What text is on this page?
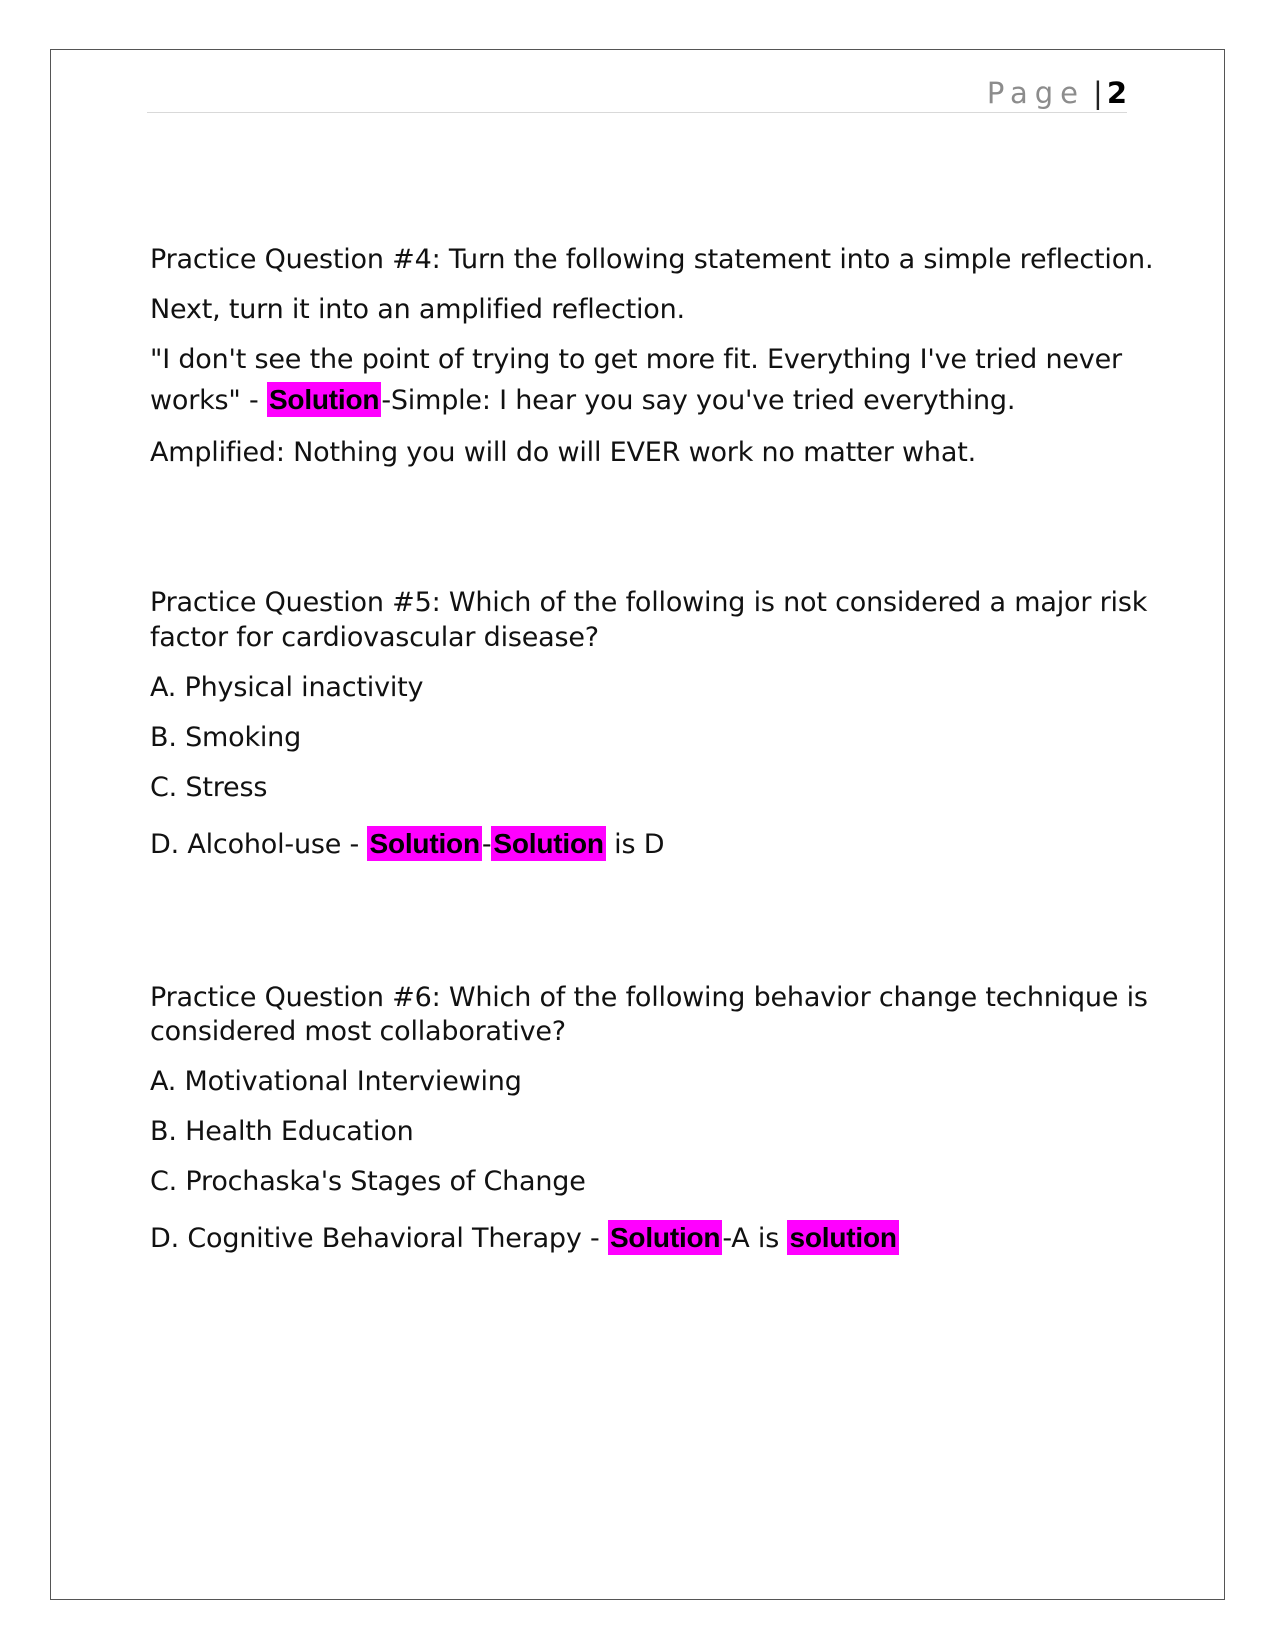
Page | 2
Practice Question #4: Turn the following statement into a simple reflection.
Next, turn it into an amplified reflection.
"I don't see the point of trying to get more fit. Everything I've tried never
works" - Solution-Simple: I hear you say you've tried everything.
Amplified: Nothing you will do will EVER work no matter what.
Practice Question #5: Which of the following is not considered a major risk
factor for cardiovascular disease?
A. Physical inactivity
B. Smoking
C. Stress
D. Alcohol-use - Solution-Solution is D
Practice Question #6: Which of the following behavior change technique is
considered most collaborative?
A. Motivational Interviewing
B. Health Education
C. Prochaska's Stages of Change
D. Cognitive Behavioral Therapy - Solution-A is solution
